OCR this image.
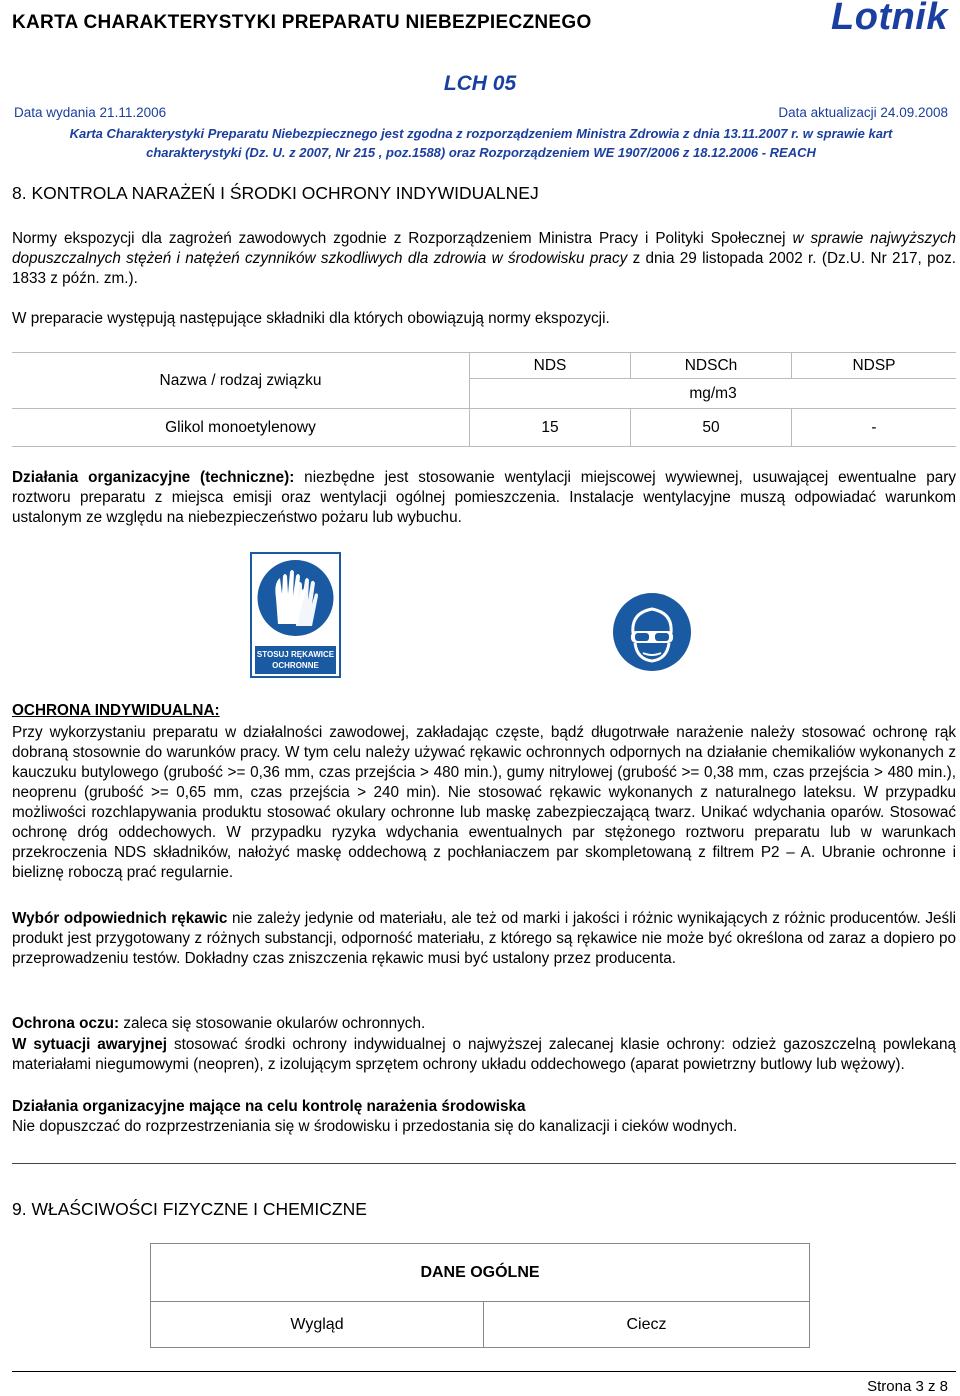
KARTA CHARAKTERYSTYKI PREPARATU NIEBEZPIECZNEGO	Lotnik
LCH 05
Data wydania 21.11.2006	Data aktualizacji 24.09.2008
Karta Charakterystyki Preparatu Niebezpiecznego jest zgodna z rozporządzeniem Ministra Zdrowia z dnia 13.11.2007 r. w sprawie kart
charakterystyki (Dz. U. z 2007, Nr 215 , poz.1588) oraz Rozporządzeniem WE 1907/2006 z 18.12.2006 - REACH
8. KONTROLA NARAŻEŃ I ŚRODKI OCHRONY INDYWIDUALNEJ
Normy ekspozycji dla zagrożeń zawodowych zgodnie z Rozporządzeniem Ministra Pracy i Polityki Społecznej w sprawie najwyższych dopuszczalnych stężeń i natężeń czynników szkodliwych dla zdrowia w środowisku pracy z dnia 29 listopada 2002 r. (Dz.U. Nr 217, poz. 1833 z późn. zm.).
W preparacie występują następujące składniki dla których obowiązują normy ekspozycji.
Nazwa / rodzaj związku	NDS	NDSCh	NDSP
	mg/m3		
Glikol monoetylenowy	15	50	-
Działania organizacyjne (techniczne): niezbędne jest stosowanie wentylacji miejscowej wywiewnej, usuwającej ewentualne pary roztworu preparatu z miejsca emisji oraz wentylacji ogólnej pomieszczenia. Instalacje wentylacyjne muszą odpowiadać warunkom ustalonym ze względu na niebezpieczeństwo pożaru lub wybuchu.
STOSUJ RĘKAWICE OCHRONNE
OCHRONA INDYWIDUALNA:
Przy wykorzystaniu preparatu w działalności zawodowej, zakładając częste, bądź długotrwałe narażenie należy stosować ochronę rąk dobraną stosownie do warunków pracy. W tym celu należy używać rękawic ochronnych odpornych na działanie chemikaliów wykonanych z kauczuku butylowego (grubość >= 0,36 mm, czas przejścia > 480 min.), gumy nitrylowej (grubość >= 0,38 mm, czas przejścia > 480 min.), neoprenu (grubość >= 0,65 mm, czas przejścia > 240 min). Nie stosować rękawic wykonanych z naturalnego lateksu. W przypadku możliwości rozchlapywania produktu stosować okulary ochronne lub maskę zabezpieczającą twarz. Unikać wdychania oparów. Stosować ochronę dróg oddechowych. W przypadku ryzyka wdychania ewentualnych par stężonego roztworu preparatu lub w warunkach przekroczenia NDS składników, nałożyć maskę oddechową z pochłaniaczem par skompletowaną z filtrem P2 – A. Ubranie ochronne i bieliznę roboczą prać regularnie.
Wybór odpowiednich rękawic nie zależy jedynie od materiału, ale też od marki i jakości i różnic wynikających z różnic producentów. Jeśli produkt jest przygotowany z różnych substancji, odporność materiału, z którego są rękawice nie może być określona od zaraz a dopiero po przeprowadzeniu testów. Dokładny czas zniszczenia rękawic musi być ustalony przez producenta.
Ochrona oczu: zaleca się stosowanie okularów ochronnych.
W sytuacji awaryjnej stosować środki ochrony indywidualnej o najwyższej zalecanej klasie ochrony: odzież gazoszczelną powlekaną materiałami niegumowymi (neopren), z izolującym sprzętem ochrony układu oddechowego (aparat powietrzny butlowy lub wężowy).
Działania organizacyjne mające na celu kontrolę narażenia środowiska
Nie dopuszczać do rozprzestrzeniania się w środowisku i przedostania się do kanalizacji i cieków wodnych.
9. WŁAŚCIWOŚCI FIZYCZNE I CHEMICZNE
DANE OGÓLNE
Wygląd	Ciecz
Strona 3 z 8
